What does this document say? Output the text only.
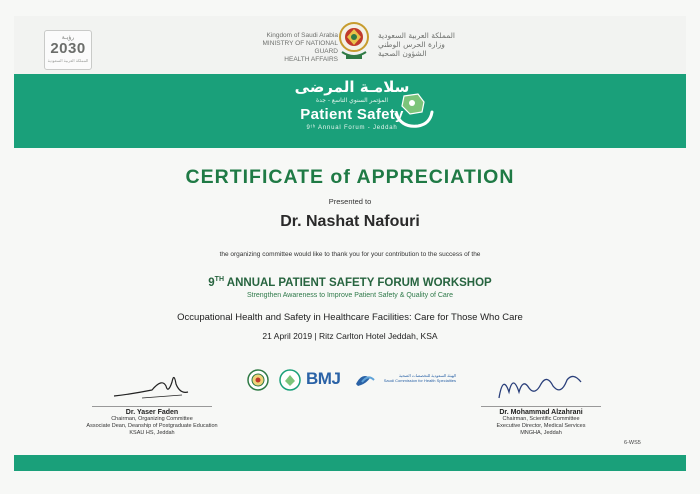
رؤيـة
2030
المملكة العربية السعودية
Kingdom of Saudi Arabia
MINISTRY OF NATIONAL GUARD
HEALTH AFFAIRS
المملكة العربية السعودية
وزارة الحرس الوطني
الشؤون الصحية
سلامـة المرضى
المؤتمر السنوي التاسع - جدة
Patient Safety
9ᵗʰ Annual Forum - Jeddah
CERTIFICATE of APPRECIATION
Presented to
Dr. Nashat Nafouri
the organizing committee would like to thank you for your contribution to the success of the
9TH ANNUAL PATIENT SAFETY FORUM WORKSHOP
Strengthen Awareness to Improve Patient Safety & Quality of Care
Occupational Health and Safety in Healthcare Facilities: Care for Those Who Care
21 April 2019 | Ritz Carlton Hotel Jeddah, KSA
BMJ	الهيئة السعودية للتخصصات الصحية
Saudi Commission for Health Specialties
Dr. Yaser Faden
Chairman, Organizing Committee
Associate Dean, Deanship of Postgraduate Education
KSAU HS, Jeddah
Dr. Mohammad Alzahrani
Chairman, Scientific Committee
Executive Director, Medical Services
MNGHA, Jeddah
6-WS5
